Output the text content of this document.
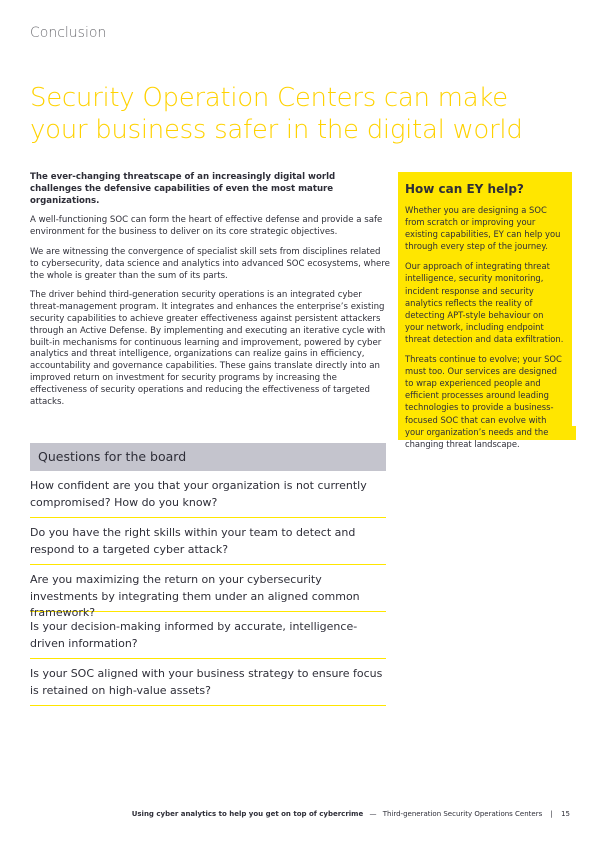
Conclusion
Security Operation Centers can make your business safer in the digital world

The ever-changing threatscape of an increasingly digital world challenges the defensive capabilities of even the most mature organizations.

A well-functioning SOC can form the heart of effective defense and provide a safe environment for the business to deliver on its core strategic objectives.

We are witnessing the convergence of specialist skill sets from disciplines related to cybersecurity, data science and analytics into advanced SOC ecosystems, where the whole is greater than the sum of its parts.

The driver behind third-generation security operations is an integrated cyber threat-management program. It integrates and enhances the enterprise’s existing security capabilities to achieve greater effectiveness against persistent attackers through an Active Defense. By implementing and executing an iterative cycle with built-in mechanisms for continuous learning and improvement, powered by cyber analytics and threat intelligence, organizations can realize gains in efficiency, accountability and governance capabilities. These gains translate directly into an improved return on investment for security programs by increasing the effectiveness of security operations and reducing the effectiveness of targeted attacks.

How can EY help?

Whether you are designing a SOC from scratch or improving your existing capabilities, EY can help you through every step of the journey.

Our approach of integrating threat intelligence, security monitoring, incident response and security analytics reflects the reality of detecting APT-style behaviour on your network, including endpoint threat detection and data exfiltration.

Threats continue to evolve; your SOC must too. Our services are designed to wrap experienced people and efficient processes around leading technologies to provide a business-focused SOC that can evolve with your organization’s needs and the changing threat landscape.

Questions for the board
How confident are you that your organization is not currently compromised? How do you know?
Do you have the right skills within your team to detect and respond to a targeted cyber attack?
Are you maximizing the return on your cybersecurity investments by integrating them under an aligned common framework?
Is your decision-making informed by accurate, intelligence-driven information?
Is your SOC aligned with your business strategy to ensure focus is retained on high-value assets?
Using cyber analytics to help you get on top of cybercrime — Third-generation Security Operations Centers | 15
